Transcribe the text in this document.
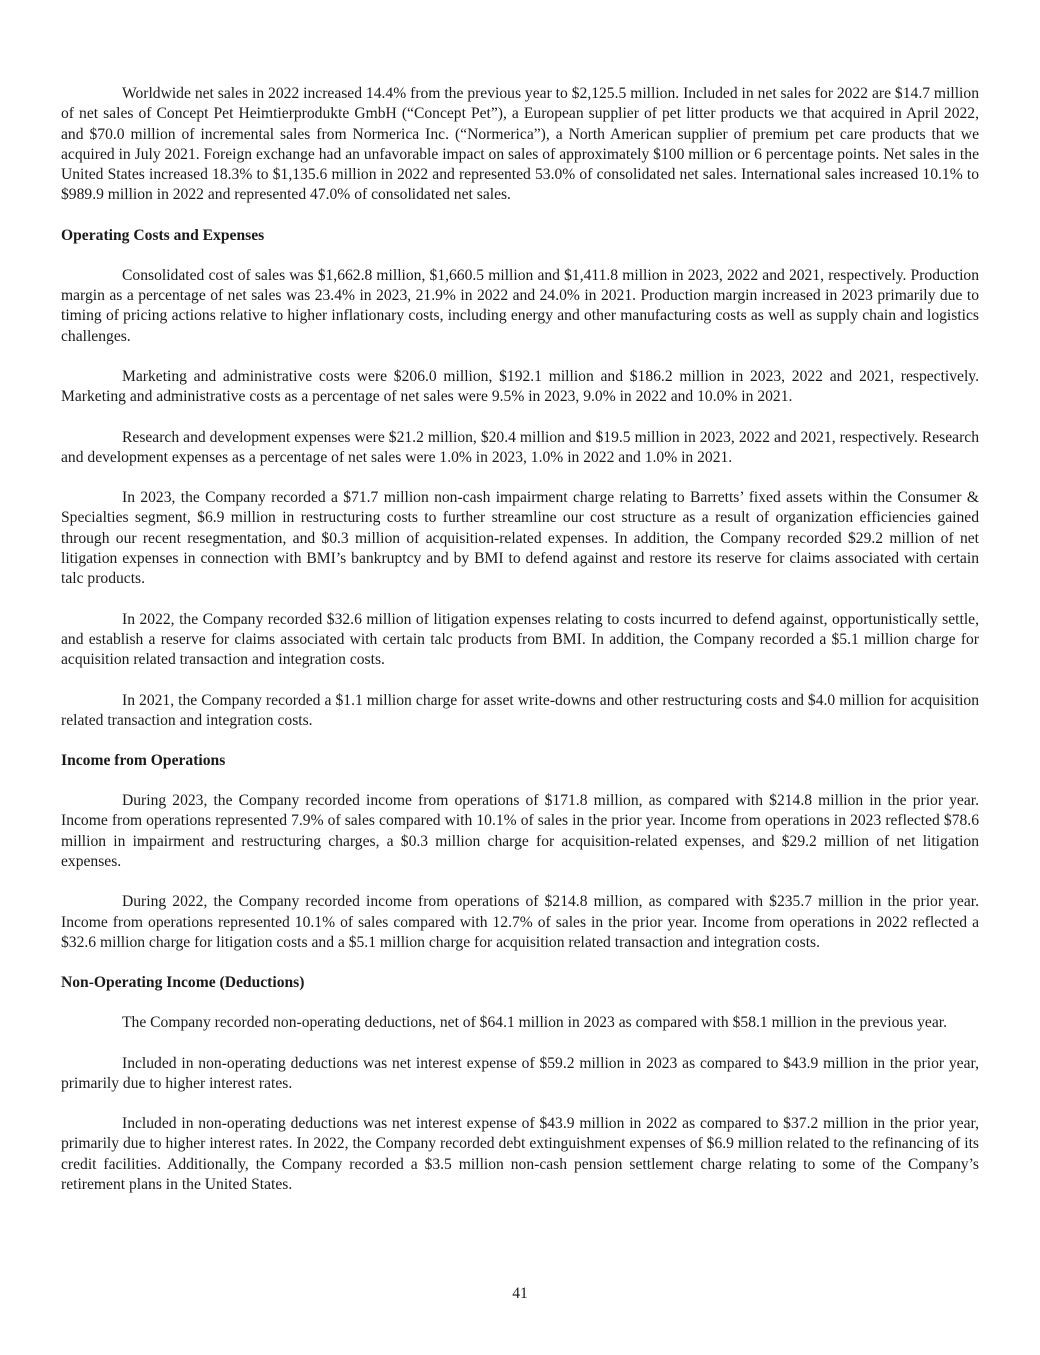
Worldwide net sales in 2022 increased 14.4% from the previous year to $2,125.5 million. Included in net sales for 2022 are $14.7 million of net sales of Concept Pet Heimtierprodukte GmbH (“Concept Pet”), a European supplier of pet litter products we that acquired in April 2022, and $70.0 million of incremental sales from Normerica Inc. (“Normerica”), a North American supplier of premium pet care products that we acquired in July 2021. Foreign exchange had an unfavorable impact on sales of approximately $100 million or 6 percentage points. Net sales in the United States increased 18.3% to $1,135.6 million in 2022 and represented 53.0% of consolidated net sales. International sales increased 10.1% to $989.9 million in 2022 and represented 47.0% of consolidated net sales.

Operating Costs and Expenses

Consolidated cost of sales was $1,662.8 million, $1,660.5 million and $1,411.8 million in 2023, 2022 and 2021, respectively. Production margin as a percentage of net sales was 23.4% in 2023, 21.9% in 2022 and 24.0% in 2021. Production margin increased in 2023 primarily due to timing of pricing actions relative to higher inflationary costs, including energy and other manufacturing costs as well as supply chain and logistics challenges.

Marketing and administrative costs were $206.0 million, $192.1 million and $186.2 million in 2023, 2022 and 2021, respectively. Marketing and administrative costs as a percentage of net sales were 9.5% in 2023, 9.0% in 2022 and 10.0% in 2021.

Research and development expenses were $21.2 million, $20.4 million and $19.5 million in 2023, 2022 and 2021, respectively. Research and development expenses as a percentage of net sales were 1.0% in 2023, 1.0% in 2022 and 1.0% in 2021.

In 2023, the Company recorded a $71.7 million non-cash impairment charge relating to Barretts’ fixed assets within the Consumer & Specialties segment, $6.9 million in restructuring costs to further streamline our cost structure as a result of organization efficiencies gained through our recent resegmentation, and $0.3 million of acquisition-related expenses. In addition, the Company recorded $29.2 million of net litigation expenses in connection with BMI’s bankruptcy and by BMI to defend against and restore its reserve for claims associated with certain talc products.

In 2022, the Company recorded $32.6 million of litigation expenses relating to costs incurred to defend against, opportunistically settle, and establish a reserve for claims associated with certain talc products from BMI. In addition, the Company recorded a $5.1 million charge for acquisition related transaction and integration costs.

In 2021, the Company recorded a $1.1 million charge for asset write-downs and other restructuring costs and $4.0 million for acquisition related transaction and integration costs.

Income from Operations

During 2023, the Company recorded income from operations of $171.8 million, as compared with $214.8 million in the prior year. Income from operations represented 7.9% of sales compared with 10.1% of sales in the prior year. Income from operations in 2023 reflected $78.6 million in impairment and restructuring charges, a $0.3 million charge for acquisition-related expenses, and $29.2 million of net litigation expenses.

During 2022, the Company recorded income from operations of $214.8 million, as compared with $235.7 million in the prior year. Income from operations represented 10.1% of sales compared with 12.7% of sales in the prior year. Income from operations in 2022 reflected a $32.6 million charge for litigation costs and a $5.1 million charge for acquisition related transaction and integration costs.

Non-Operating Income (Deductions)

The Company recorded non-operating deductions, net of $64.1 million in 2023 as compared with $58.1 million in the previous year.

Included in non-operating deductions was net interest expense of $59.2 million in 2023 as compared to $43.9 million in the prior year, primarily due to higher interest rates.

Included in non-operating deductions was net interest expense of $43.9 million in 2022 as compared to $37.2 million in the prior year, primarily due to higher interest rates. In 2022, the Company recorded debt extinguishment expenses of $6.9 million related to the refinancing of its credit facilities. Additionally, the Company recorded a $3.5 million non-cash pension settlement charge relating to some of the Company’s retirement plans in the United States.

41
